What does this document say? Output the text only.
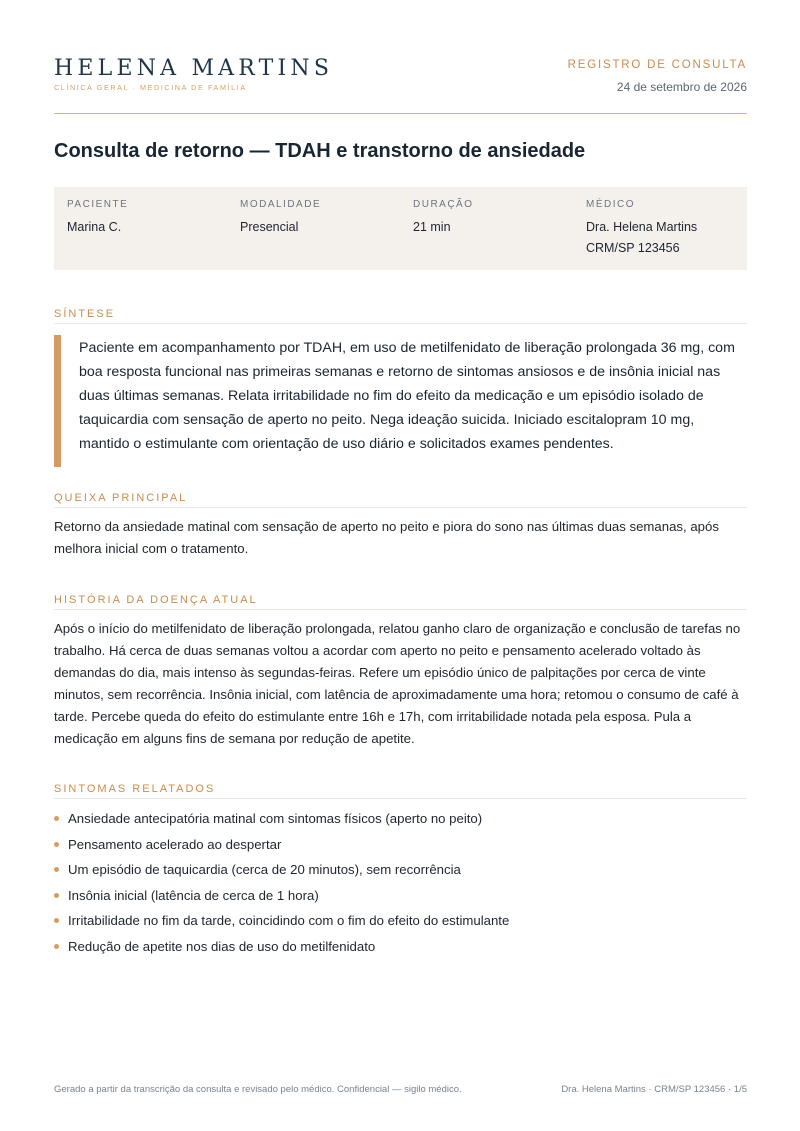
HELENA MARTINS
CLÍNICA GERAL · MEDICINA DE FAMÍLIA
REGISTRO DE CONSULTA
24 de setembro de 2026
Consulta de retorno — TDAH e transtorno de ansiedade
PACIENTE
Marina C.
MODALIDADE
Presencial
DURAÇÃO
21 min
MÉDICO
Dra. Helena Martins
CRM/SP 123456
SÍNTESE

Paciente em acompanhamento por TDAH, em uso de metilfenidato de liberação prolongada 36 mg, com boa resposta funcional nas primeiras semanas e retorno de sintomas ansiosos e de insônia inicial nas duas últimas semanas. Relata irritabilidade no fim do efeito da medicação e um episódio isolado de taquicardia com sensação de aperto no peito. Nega ideação suicida. Iniciado escitalopram 10 mg, mantido o estimulante com orientação de uso diário e solicitados exames pendentes.

QUEIXA PRINCIPAL

Retorno da ansiedade matinal com sensação de aperto no peito e piora do sono nas últimas duas semanas, após melhora inicial com o tratamento.

HISTÓRIA DA DOENÇA ATUAL

Após o início do metilfenidato de liberação prolongada, relatou ganho claro de organização e conclusão de tarefas no trabalho. Há cerca de duas semanas voltou a acordar com aperto no peito e pensamento acelerado voltado às demandas do dia, mais intenso às segundas-feiras. Refere um episódio único de palpitações por cerca de vinte minutos, sem recorrência. Insônia inicial, com latência de aproximadamente uma hora; retomou o consumo de café à tarde. Percebe queda do efeito do estimulante entre 16h e 17h, com irritabilidade notada pela esposa. Pula a medicação em alguns fins de semana por redução de apetite.

SINTOMAS RELATADOS
Ansiedade antecipatória matinal com sintomas físicos (aperto no peito)
Pensamento acelerado ao despertar
Um episódio de taquicardia (cerca de 20 minutos), sem recorrência
Insônia inicial (latência de cerca de 1 hora)
Irritabilidade no fim da tarde, coincidindo com o fim do efeito do estimulante
Redução de apetite nos dias de uso do metilfenidato
Gerado a partir da transcrição da consulta e revisado pelo médico. Confidencial — sigilo médico.	Dra. Helena Martins · CRM/SP 123456 · 1/5
